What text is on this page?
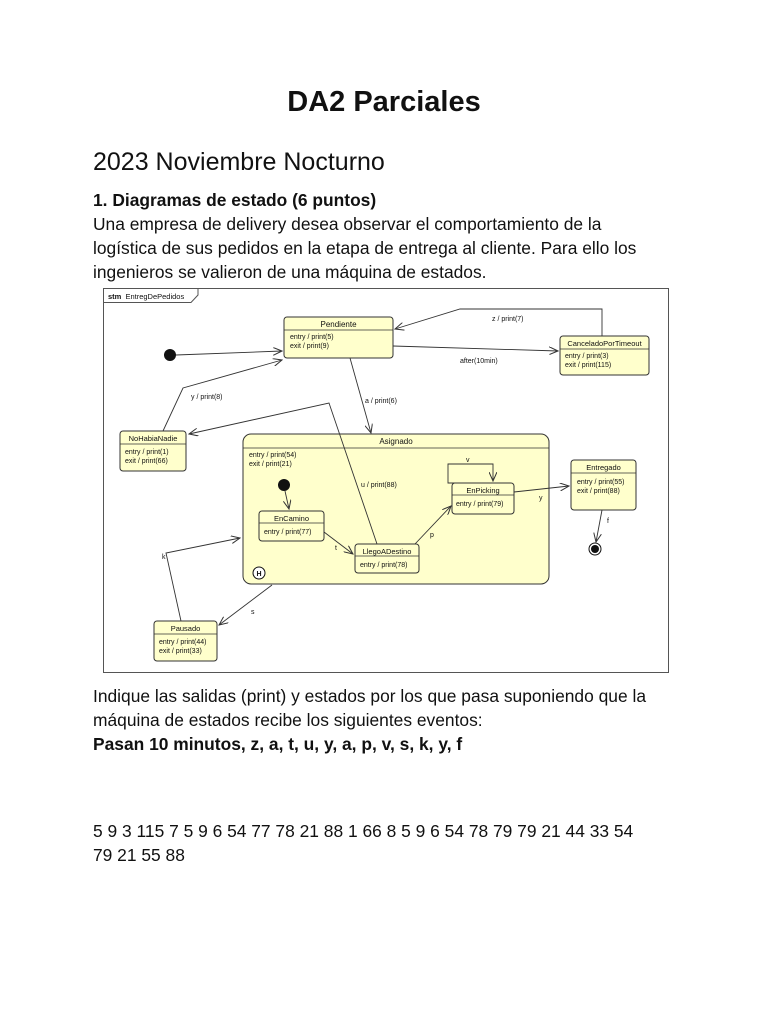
DA2 Parciales
2023 Noviembre Nocturno
1. Diagramas de estado (6 puntos)
Una empresa de delivery desea observar el comportamiento de la
logística de sus pedidos en la etapa de entrega al cliente. Para ello los
ingenieros se valieron de una máquina de estados.
stm EntregDePedidos
Asignado
entry / print(54)
exit / print(21)
Pendiente
entry / print(5)
exit / print(9)	CanceladoPorTimeout
entry / print(3)
exit / print(115)
NoHabiaNadie
entry / print(1)
exit / print(66)
EnCamino
entry / print(77)
LlegoADestino
entry / print(78)
EnPicking
entry / print(79)
Entregado
entry / print(55)
exit / print(88)
Pausado
entry / print(44)
exit / print(33)
H
z / print(7)
after(10min)
y / print(8)
a / print(6)
u / print(88)
v
y
p
t
k
s
f
Indique las salidas (print) y estados por los que pasa suponiendo que la
máquina de estados recibe los siguientes eventos:
Pasan 10 minutos, z, a, t, u, y, a, p, v, s, k, y, f
5 9 3 115 7 5 9 6 54 77 78 21 88 1 66 8 5 9 6 54 78 79 79 21 44 33 54
79 21 55 88
